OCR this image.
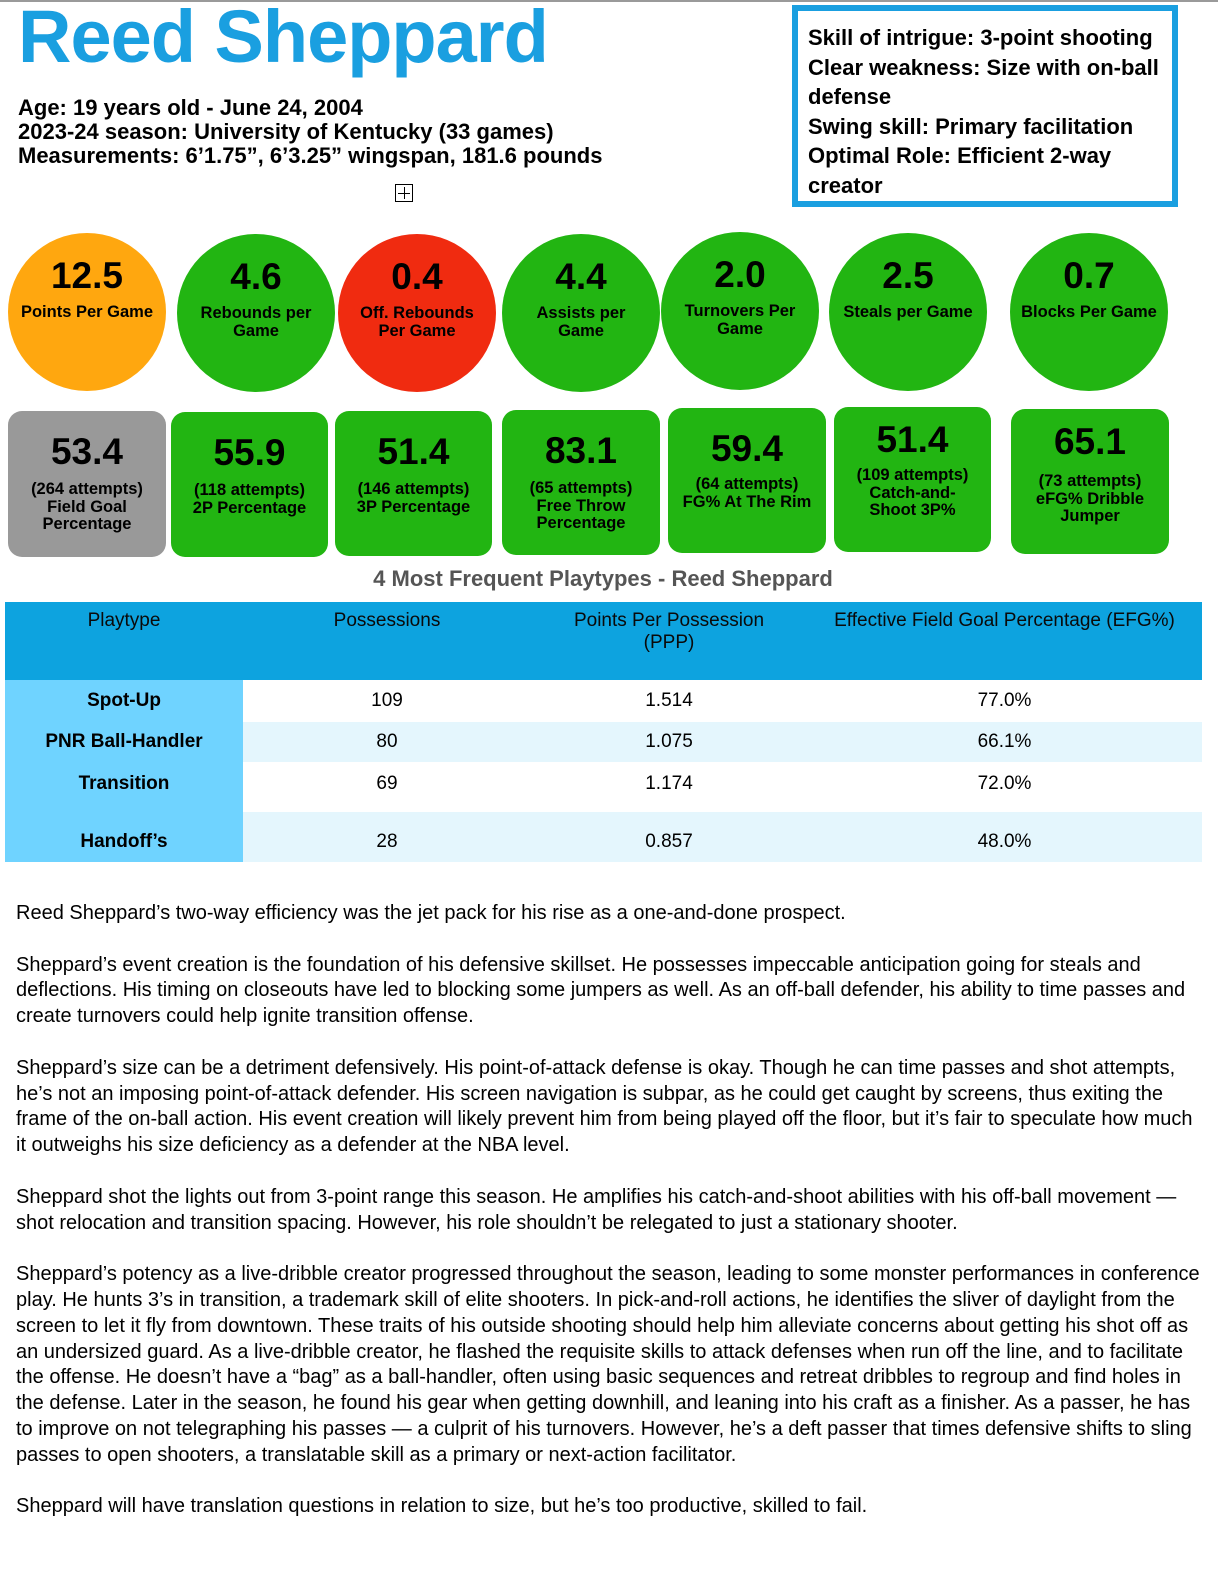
Reed Sheppard
Age: 19 years old - June 24, 2004
2023-24 season: University of Kentucky (33 games)
Measurements: 6’1.75”, 6’3.25” wingspan, 181.6 pounds
Skill of intrigue: 3-point shooting
Clear weakness: Size with on-ball defense
Swing skill: Primary facilitation
Optimal Role: Efficient 2-way creator
12.5
Points Per Game
4.6
Rebounds per Game
0.4
Off. Rebounds Per Game
4.4
Assists per Game
2.0
Turnovers Per Game
2.5
Steals per Game
0.7
Blocks Per Game
53.4
(264 attempts)
Field Goal Percentage
55.9
(118 attempts)
2P Percentage
51.4
(146 attempts)
3P Percentage
83.1
(65 attempts)
Free Throw Percentage
59.4
(64 attempts)
FG% At The Rim
51.4
(109 attempts)
Catch-and-Shoot 3P%
65.1
(73 attempts)
eFG% Dribble Jumper
4 Most Frequent Playtypes - Reed Sheppard
Playtype	Possessions	Points Per Possession (PPP)	Effective Field Goal Percentage (EFG%)
Spot-Up	109	1.514	77.0%
PNR Ball-Handler	80	1.075	66.1%
Transition	69	1.174	72.0%
Handoff’s	28	0.857	48.0%

Reed Sheppard’s two-way efficiency was the jet pack for his rise as a one-and-done prospect.

Sheppard’s event creation is the foundation of his defensive skillset. He possesses impeccable anticipation going for steals and deflections. His timing on closeouts have led to blocking some jumpers as well. As an off-ball defender, his ability to time passes and create turnovers could help ignite transition offense.

Sheppard’s size can be a detriment defensively. His point-of-attack defense is okay. Though he can time passes and shot attempts, he’s not an imposing point-of-attack defender. His screen navigation is subpar, as he could get caught by screens, thus exiting the frame of the on-ball action. His event creation will likely prevent him from being played off the floor, but it’s fair to speculate how much it outweighs his size deficiency as a defender at the NBA level.

Sheppard shot the lights out from 3-point range this season. He amplifies his catch-and-shoot abilities with his off-ball movement — shot relocation and transition spacing. However, his role shouldn’t be relegated to just a stationary shooter.

Sheppard’s potency as a live-dribble creator progressed throughout the season, leading to some monster performances in conference play. He hunts 3’s in transition, a trademark skill of elite shooters. In pick-and-roll actions, he identifies the sliver of daylight from the screen to let it fly from downtown. These traits of his outside shooting should help him alleviate concerns about getting his shot off as an undersized guard. As a live-dribble creator, he flashed the requisite skills to attack defenses when run off the line, and to facilitate the offense. He doesn’t have a “bag” as a ball-handler, often using basic sequences and retreat dribbles to regroup and find holes in the defense. Later in the season, he found his gear when getting downhill, and leaning into his craft as a finisher. As a passer, he has to improve on not telegraphing his passes — a culprit of his turnovers. However, he’s a deft passer that times defensive shifts to sling passes to open shooters, a translatable skill as a primary or next-action facilitator.

Sheppard will have translation questions in relation to size, but he’s too productive, skilled to fail.
